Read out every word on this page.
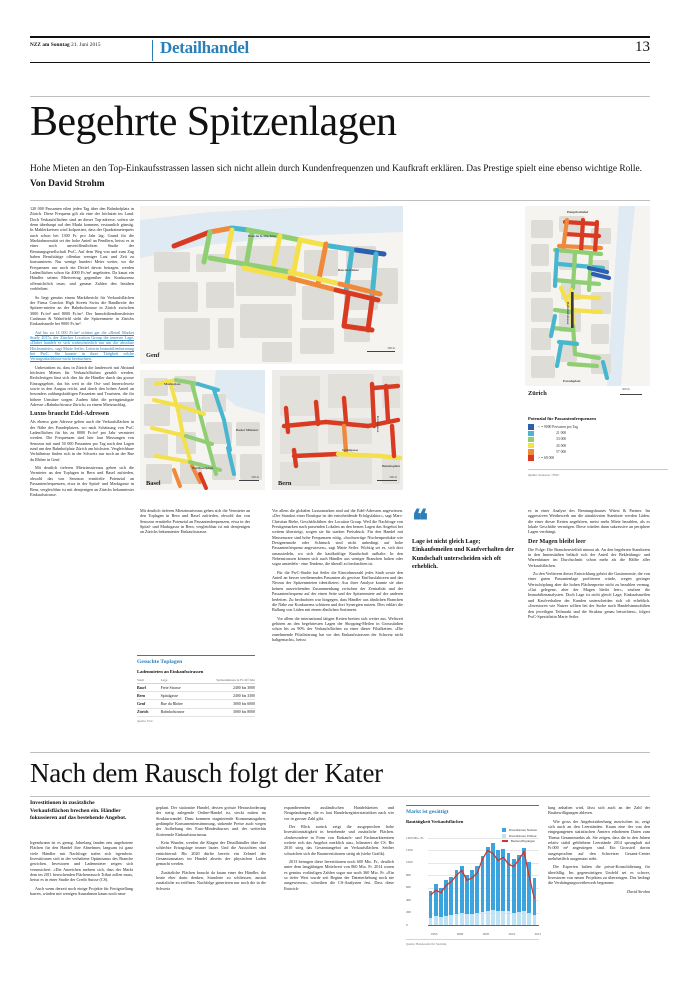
NZZ am Sonntag 21. Juni 2015	Detailhandel	13
Begehrte Spitzenlagen
Hohe Mieten an den Top-Einkaufsstrassen lassen sich nicht allein durch Kundenfrequenzen und Kaufkraft erklären. Das Prestige spielt eine ebenso wichtige Rolle. Von David Strohm

120 000 Passanten eilen jeden Tag über den Bahnhofplatz in Zürich. Diese Frequenz gilt als eine der höchsten im Land. Doch Verkaufsflächen sind an dieser Top-adresse, sofern sie denn überhaupt auf den Markt kommen, erstaunlich günstig. In Maklerkreisen wird kolportiert, dass der Quadratmeterpreis auch schon bei 1300 Fr. pro Jahr lag. Grund für die Marktabnormität sei der hohe Anteil an Pendlern, heisst es in einer noch unveröffentlichten Studie der Beratungsgesellschaft PwC. Auf dem Weg von und zum Zug haben Berufstätige offenbar weniger Lust und Zeit zu konsumieren. Nur wenige hundert Meter weiter, wo die Frequenzen nur noch ein Drittel davon betragen, werden Ladenflächen schon für 4000 Fr./m² angeboten. Da kauzt ein Händler seinen Mietvertrag gegenüber der Konkurrenz offensichtlich teuer, und genaue Zahlen den Insidern verbleiben.

So liegt gemäss einem Marktbericht für Verkaufsflächen der Firma Comfort High Streets Swiss die Bandbreite der Spitzen-mieten an der Bahnhofstrasse in Zürich zwischen 3000 Fr./m² und 8000 Fr./m². Der Immobiliendienstleister Cushman & Wakefield sieht die Spitzenmiete in Zürichs Einkaufsmeile bei 9000 Fr./m².

Auf bis zu 14 000 Fr./m² schätzt gar die «Retail Market Study 2015» der Zürcher Location Group die teuerste Lage. «Dabei handelt es sich wahrscheinlich nur um die absolute Höchstmiete», sagt Marie Seiler, Leiterin Immobilienberatung bei PwC. Sie konnte in ihrer Tätigkeit solche Vertragsabschlüsse nicht beobachten.

Unbestritten ist, dass in Zürich die landesweit mit Abstand höchsten Mieten für Verkaufsflächen gezahlt werden. Rechtfertigen lässt sich dies für die Händler durch das grosse Einzugsgebiet, das bis weit in die Ost- und Innerschweiz sowie in den Aargau reicht, und durch den hohen Anteil an besonders zahlungskräftigen Passanten und Touristen, die für höhere Umsätze sorgen. Zudem führt die preisgünstigste Adresse «Bahnhofstrasse Zürich» zu einem Mietzuschlag.

Luxus braucht Edel-Adressen

Als ebenso gute Adresse gelten auch die Verkaufsflächen in der Nähe des Paradeplatzes, wo nach Schätzung von PwC Ladenflächen für bis zu 8000 Fr./m² pro Jahr vermietet werden. Die Frequenzen sind hier laut Messungen von Senozon mit rund 50 000 Passanten pro Tag nach den Lagen rund um den Bahnhofplatz Zürich am höchsten. Vergleichbare Verhältnisse finden sich in der Schweiz nur noch an der Rue du Rhône in Genf.

Mit deutlich tieferen Mietzinsniveaus gehen sich die Vermieter an den Toplagen in Bern und Basel zufrieden, obwohl das von Senozon ermittelte Potenzial an Passantenfrequenzen, etwa in der Spital- und Marktgasse in Bern, vergleichbar ist mit demjenigen an Zürichs bekanntester Einkaufsstrasse.

Genf
Pont de la Machine
Rue du Rhône
500 m
Hauptbahnhof
Bahnhofstrasse
Paradeplatz
Zürich
500 m
Basel
Marktplatz
Basler Münster
Barfüsserplatz
500 m
Bern
Spitalgasse
Kramgasse
Bundesplatz
500 m
Potenzial für Passantenfrequenzen
< = 9000 Personen pro Tag
21 000
33 000
45 000
57 000
> = 69 000
Quelle: Senozon / PWC

Vor allem die globalen Luxusmarken sind auf die Edel-Adressen angewiesen. «Der Standort einer Boutique ist der entscheidende Erfolgsfaktor», sagt Marc-Christian Riebe, Geschäftsführer der Location Group. Weil die Nachfrage von Prestigemarken nach passenden Lokalen an den besten Lagen das Angebot bei weitem übersteigt, sorgen sie für starken Preisdruck. Für den Handel mit Massenware sind hohe Frequenzen nötig, «hochwertige Nischenprodukte wie Designermode oder Schmuck sind nicht unbedingt auf hohe Passantenfrequenz angewiesen», sagt Marie Seiler. Wichtig sei es, sich dort auszusiedeln, wo sich die kaufkräftige Kundschaft aufhalte. In den Nebenstrassen können sich auch Händler aus weniger Branchen halten oder sogar ansiedeln - eine Tendenz, die überall zu beobachten ist.

Für die PwC-Studie hat Seiler die Einwohnerzahl jedes Stadt sowie den Anteil an besser verdienenden Passanten als gewisse Einflussfaktoren und das Niveau der Spitzenmieten identifiziert. Aus ihrer Analyse konnte sie aber keinen ausreichenden Zusammenhang zwischen der Zentralität und der Passantenfrequenz auf der einen Seite und der Spitzenmiete auf der anderen herleiten. Zu beobachten war hingegen, dass Händler aus ähnlichen Branchen die Nähe zur Konkurrenz schätzen und dort Synergien nutzen. Dies erklärt die Ballung von Läden mit einem ähnlichen Sortiment.

Vor allem die international tätigen Ketten breiten sich weiter aus. Weltweit gehören an den begehrtesten Lagen der Shopping-Meilen in Grossstädten schon bis zu 90% der Verkaufsflächen zu einer dieser Filialketten. «Die zunehmende Filialisierung hat vor den Einkaufsstrassen der Schweiz nicht haltgemacht», heisst

Mit deutlich tieferen Mietzinsniveaus gehen sich die Vermieter an den Toplagen in Bern und Basel zufrieden, obwohl das von Senozon ermittelte Potenzial an Passantenfrequenzen, etwa in der Spital- und Marktgasse in Bern, vergleichbar ist mit demjenigen an Zürichs bekanntester Einkaufsstrasse.	❝
Lage ist nicht gleich Lage; Einkaufsmeilen und Kaufverhalten der Kundschaft unterscheiden sich oft erheblich.

es in einer Analyse des Beratungshauses Wüest & Partner. Im aggressiven Wettbewerb um die attraktivsten Standorte werden Läden, die einer dieser Ketten angehören, meist mehr Miete bezahlen, als es lokale Geschäfte vermögen. Diese würden dann sukzessive an periphere Lagen verdrängt.

Der Magen bleibt leer

Die Folge: Die Branchenvielfalt nimmt ab. An den begehrten Standorten in den Innenstädten beläuft sich der Anteil der Bekleidungs- und Warenhäuser im Durchschnitt schon mehr als die Hälfte aller Verkaufsflächen.

Zu den Verlierern dieser Entwicklung gehört die Gastronomie, die von einer guten Passantenlage profitieren würde, wegen geringer Wertschöpfung aber die hohen Flächenpreise nicht zu bezahlen vermag. «Gut gelegene, aber der Magen bleibt leer», seufzen die Immobilienanalysten. Doch Lage ist nicht gleich Lage; Einkaufsmeilen und Kaufverhalten der Kunden unterscheiden sich oft erheblich. «Investoren wie Nutzer sollten bei der Suche nach Handelsimmobilien den jeweiligen Teilmarkt und die Struktur genau betrachten», folgert PwC-Spezialistin Marie Seiler.

Gesuchte Toplagen
Ladenmieten an Einkaufsstrassen
Stadt	Lage	Spitzenmieten in Fr./m²/Jahr
Basel	Freie Strasse	2400 bis 3000
Bern	Spitalgasse	2400 bis 3300
Genf	Rue du Rhône	3000 bis 6000
Zürich	Bahnhofstrasse	3000 bis 8000
Quelle: PwC
Nach dem Rausch folgt der Kater
Investitionen in zusätzliche Verkaufsflächen brechen ein. Händler fokussieren auf das bestehende Angebot.

Irgendwann ist es genug. Jahrelang fanden neu angebotene Flächen für den Handel ihre Abnehmer, langsam ist ganz viele Händler mit Nachfrage trafen sich irgendwie. Investitionen sich in der verhaltene Optimismus des Branche gewichen. Investoren und Ladenmieter zeigen sich verunsichert. «Die Anzeichen mehren sich, dass der Markt dem im 2011 herrschenden Flächenrausch Tribut zollen muss, heisst es in einer Studie der Credit Suisse (CS).

Auch wenn derzeit noch einige Projekte für Fertigstellung harren, würden mit wenigen Ausnahmen kaum noch neue

geplant. Der stationäre Handel, dessen grösste Herausforderung der stetig zulegende Online-Handel ist, steckt mitten im Strukturwandel. Dazu kommen stagnierende Konsumausgaben, gedämpfte Konsumentenstimmung, sinkende Preise auch wegen der Aufhebung des Euro-Mindestkurses und der weiterhin florierende Einkaufstourismus.

Kein Wunder, werden die Klagen der Detailhändler über ihre schlechte Ertragslage immer lauter. Und die Aussichten sind ernüchternd: Bis 2020 dürfte bereits ein Zehntel des Gesamtumsatzes im Handel abseits der physischen Laden gemacht werden.

Zusätzliche Flächen braucht da kaum einer der Händler, die heute eher darin denken, Standorte zu schliessen, anstatt zusätzliche zu eröffnen. Nachfolge generieren nur noch die in die Schweiz

expandierenden ausländischen Handelsketten und Neugründungen, die es laut Handelsregisterstatistiken nach wie vor in grosser Zahl gibt.

Der Blick zurück zeigt die ausgeprochen hohe Investitionstätigkeit in bestehende und zusätzliche Flächen. «Insbesondere in Form von Einkaufs- und Fachmarktzentren weitete sich das Angebot merklich aus», bilanziert die CS. Bis 2010 stieg das Gesamtangebot an Verkaufsflächen. Seither schwächen sich die Bauinvestitionen stetig ab (siehe Grafik).

2013 betrugen diese Investitionen noch 600 Mio. Fr., deutlich unter dem langjährigen Mittelwert von 860 Mio. Fr. 2014 waren es gemäss vorläufigen Zahlen sogar nur noch 360 Mio. Fr. «Ein so tiefer Wert wurde seit Beginn der Datenerhebung noch nie ausgewiesen», schreiben die CS-Analysten fest. Dass diese Entwick-

lung anhalten wird, lässt sich auch an der Zahl der Baubewilligungen ablesen.

Wie gross der Angebotsüberhang inzwischen ist, zeigt sich auch an den Leerständen. Kaum eine der von den eingegangenen statistischen Ämtern erhobenen Daten zum Thema Gesamtmarkts ab. Sie zeigen, dass die in den Jahren relativ stabil gebliebene Leerstände 2014 sprunghaft auf Fr.000 m² angestiegen sind. Ein Grossteil davon ausgesprochen auf den Schweizer Gesamt-Center mehrheitlich ausgenutzt steht.

Die Experten halten die privat-Konsolidierung für überfällig. Im gegenwärtigen Umfeld sei es schwer, Investoren von neuen Projekten zu überzeugen. Das bedingt die Verdrängungswettbewerb begonnen.

David Strohm

Markt ist gesättigt
Bautätigkeit Verkaufsflächen
Investitionen Neubau
Investitionen Umbau
Baubewilligungen
0
200
400
600
800
1000
1200
1400 Mio. Fr.
1995	2000	2005	2010	2015
Quelle: Bundesamt für Statistik
